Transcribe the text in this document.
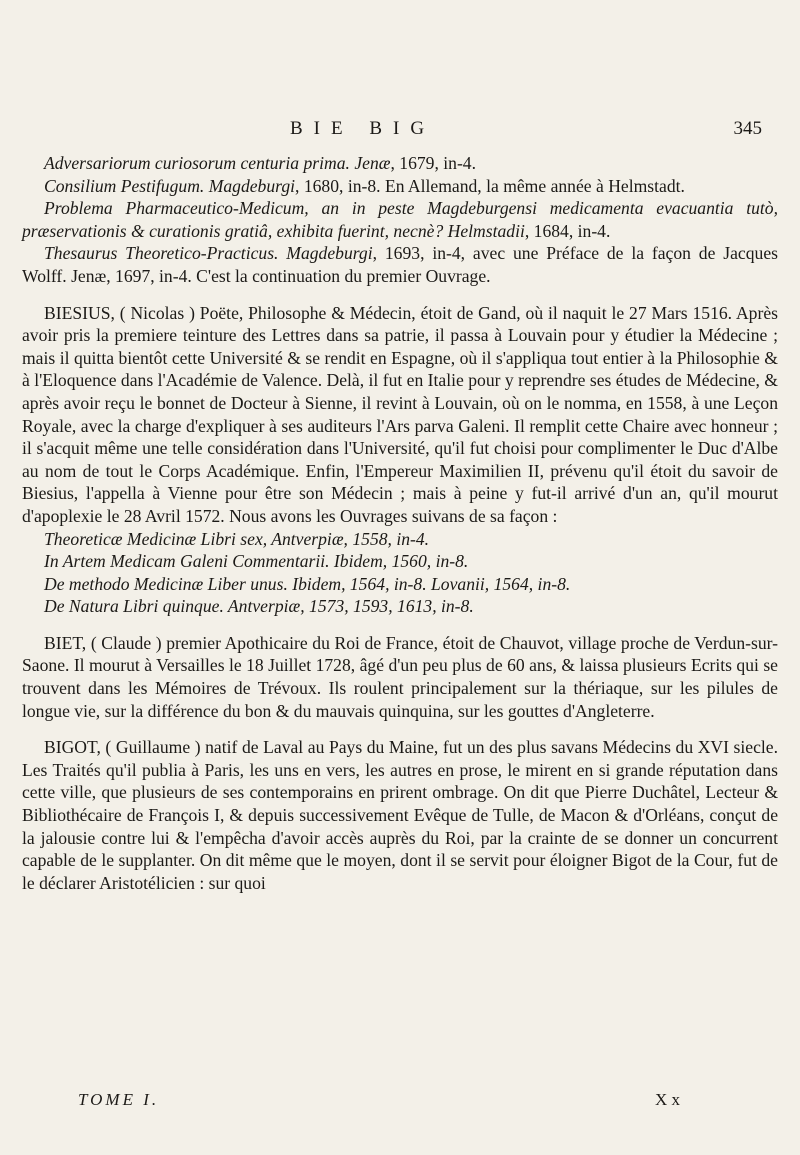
BIE BIG	345

Adversariorum curiosorum centuria prima. Jenæ, 1679, in-4.

Consilium Pestifugum. Magdeburgi, 1680, in-8. En Allemand, la même année à Helmstadt.

Problema Pharmaceutico-Medicum, an in peste Magdeburgensi medicamenta evacuantia tutò, præservationis & curationis gratiâ, exhibita fuerint, necnè? Helmstadii, 1684, in-4.

Thesaurus Theoretico-Practicus. Magdeburgi, 1693, in-4, avec une Préface de la façon de Jacques Wolff. Jenæ, 1697, in-4. C'est la continuation du premier Ouvrage.

BIESIUS, ( Nicolas ) Poëte, Philosophe & Médecin, étoit de Gand, où il naquit le 27 Mars 1516. Après avoir pris la premiere teinture des Lettres dans sa patrie, il passa à Louvain pour y étudier la Médecine ; mais il quitta bientôt cette Université & se rendit en Espagne, où il s'appliqua tout entier à la Philosophie & à l'Eloquence dans l'Académie de Valence. Delà, il fut en Italie pour y reprendre ses études de Médecine, & après avoir reçu le bonnet de Docteur à Sienne, il revint à Louvain, où on le nomma, en 1558, à une Leçon Royale, avec la charge d'expliquer à ses auditeurs l'Ars parva Galeni. Il remplit cette Chaire avec honneur ; il s'acquit même une telle considération dans l'Université, qu'il fut choisi pour complimenter le Duc d'Albe au nom de tout le Corps Académique. Enfin, l'Empereur Maximilien II, prévenu qu'il étoit du savoir de Biesius, l'appella à Vienne pour être son Médecin ; mais à peine y fut-il arrivé d'un an, qu'il mourut d'apoplexie le 28 Avril 1572. Nous avons les Ouvrages suivans de sa façon :

Theoreticæ Medicinæ Libri sex, Antverpiæ, 1558, in-4.
In Artem Medicam Galeni Commentarii. Ibidem, 1560, in-8.
De methodo Medicinæ Liber unus. Ibidem, 1564, in-8. Lovanii, 1564, in-8.
De Natura Libri quinque. Antverpiæ, 1573, 1593, 1613, in-8.

BIET, ( Claude ) premier Apothicaire du Roi de France, étoit de Chauvot, village proche de Verdun-sur-Saone. Il mourut à Versailles le 18 Juillet 1728, âgé d'un peu plus de 60 ans, & laissa plusieurs Ecrits qui se trouvent dans les Mémoires de Trévoux. Ils roulent principalement sur la thériaque, sur les pilules de longue vie, sur la différence du bon & du mauvais quinquina, sur les gouttes d'Angleterre.

BIGOT, ( Guillaume ) natif de Laval au Pays du Maine, fut un des plus savans Médecins du XVI siecle. Les Traités qu'il publia à Paris, les uns en vers, les autres en prose, le mirent en si grande réputation dans cette ville, que plusieurs de ses contemporains en prirent ombrage. On dit que Pierre Duchâtel, Lecteur & Bibliothécaire de François I, & depuis successivement Evêque de Tulle, de Macon & d'Orléans, conçut de la jalousie contre lui & l'empêcha d'avoir accès auprès du Roi, par la crainte de se donner un concurrent capable de le supplanter. On dit même que le moyen, dont il se servit pour éloigner Bigot de la Cour, fut de le déclarer Aristotélicien : sur quoi

TOME I.	X x
